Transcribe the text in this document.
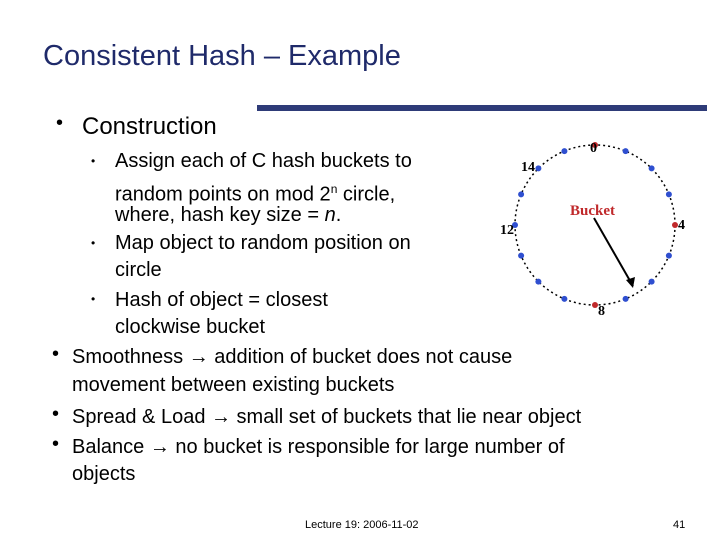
Consistent Hash – Example
• Construction
• Assign each of C hash buckets to
random points on mod 2$^n$ circle,
where, hash key size = n.
• Map object to random position on
circle
• Hash of object = closest
clockwise bucket
• Smoothness → addition of bucket does not cause
movement between existing buckets
• Spread & Load → small set of buckets that lie near object
• Balance → no bucket is responsible for large number of
objects
0
14
Bucket
12	4
8
Lecture 19: 2006-11-02	41
